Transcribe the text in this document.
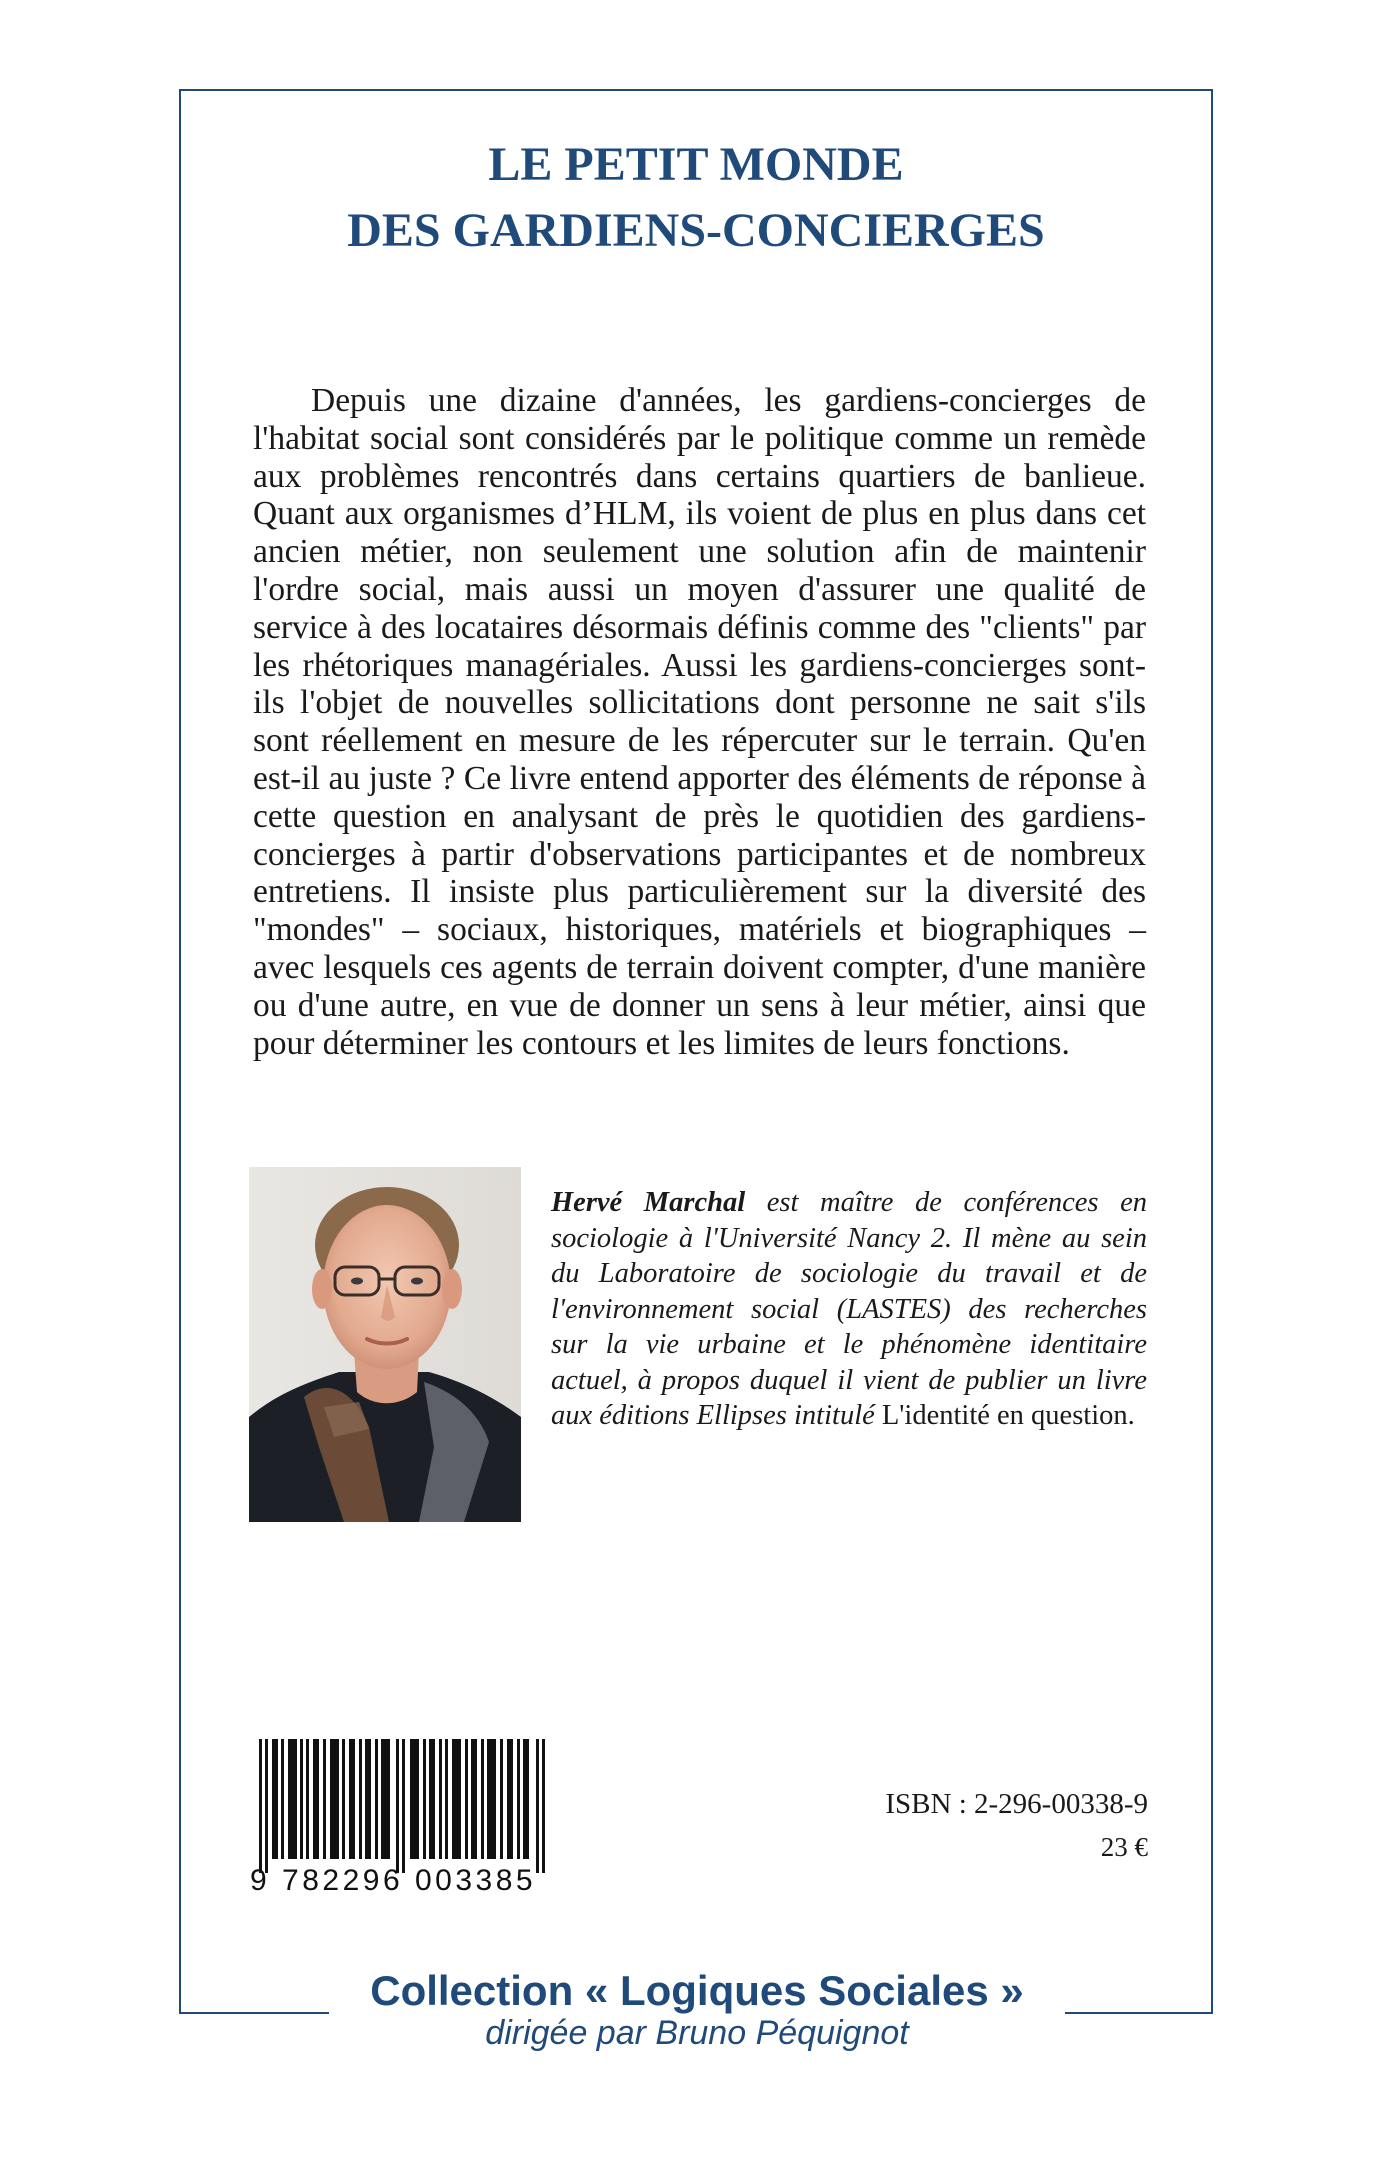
LE PETIT MONDE
DES GARDIENS-CONCIERGES

Depuis une dizaine d'années, les gardiens-concierges de l'habitat social sont considérés par le politique comme un remède aux problèmes rencontrés dans certains quartiers de banlieue. Quant aux organismes d’HLM, ils voient de plus en plus dans cet ancien métier, non seulement une solution afin de maintenir l'ordre social, mais aussi un moyen d'assurer une qualité de service à des locataires désormais définis comme des "clients" par les rhétoriques managériales. Aussi les gardiens-concierges sont-ils l'objet de nouvelles sollicitations dont personne ne sait s'ils sont réellement en mesure de les répercuter sur le terrain. Qu'en est-il au juste ? Ce livre entend apporter des éléments de réponse à cette question en analysant de près le quotidien des gardiens-concierges à partir d'observations participantes et de nombreux entretiens. Il insiste plus particulièrement sur la diversité des "mondes" – sociaux, historiques, matériels et biographiques – avec lesquels ces agents de terrain doivent compter, d'une manière ou d'une autre, en vue de donner un sens à leur métier, ainsi que pour déterminer les contours et les limites de leurs fonctions.

Hervé Marchal est maître de conférences en sociologie à l'Université Nancy 2. Il mène au sein du Laboratoire de sociologie du travail et de l'environnement social (LASTES) des recherches sur la vie urbaine et le phénomène identitaire actuel, à propos duquel il vient de publier un livre aux éditions Ellipses intitulé L'identité en question.

9 782296 003385
ISBN : 2-296-00338-9
23 €
Collection « Logiques Sociales »
dirigée par Bruno Péquignot
